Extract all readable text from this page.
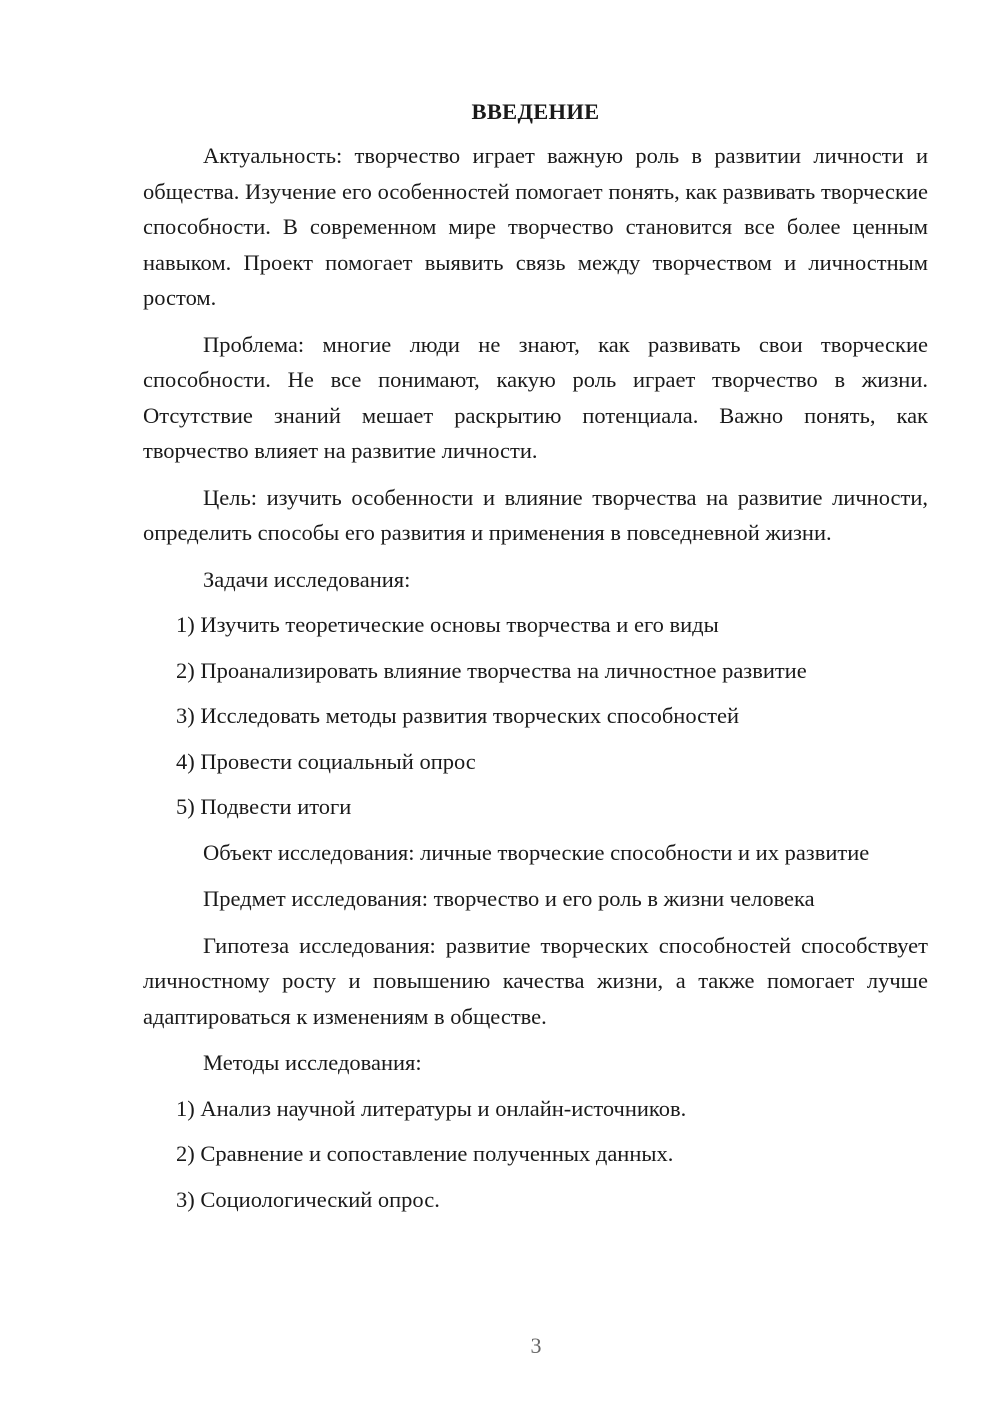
ВВЕДЕНИЕ

Актуальность: творчество играет важную роль в развитии личности и общества. Изучение его особенностей помогает понять, как развивать творческие способности. В современном мире творчество становится все более ценным навыком. Проект помогает выявить связь между творчеством и личностным ростом.

Проблема: многие люди не знают, как развивать свои творческие способности. Не все понимают, какую роль играет творчество в жизни. Отсутствие знаний мешает раскрытию потенциала. Важно понять, как творчество влияет на развитие личности.

Цель: изучить особенности и влияние творчества на развитие личности, определить способы его развития и применения в повседневной жизни.

Задачи исследования:

1) Изучить теоретические основы творчества и его виды

2) Проанализировать влияние творчества на личностное развитие

3) Исследовать методы развития творческих способностей

4) Провести социальный опрос

5) Подвести итоги

Объект исследования: личные творческие способности и их развитие

Предмет исследования: творчество и его роль в жизни человека

Гипотеза исследования: развитие творческих способностей способствует личностному росту и повышению качества жизни, а также помогает лучше адаптироваться к изменениям в обществе.

Методы исследования:

1) Анализ научной литературы и онлайн-источников.

2) Сравнение и сопоставление полученных данных.

3) Социологический опрос.

3
